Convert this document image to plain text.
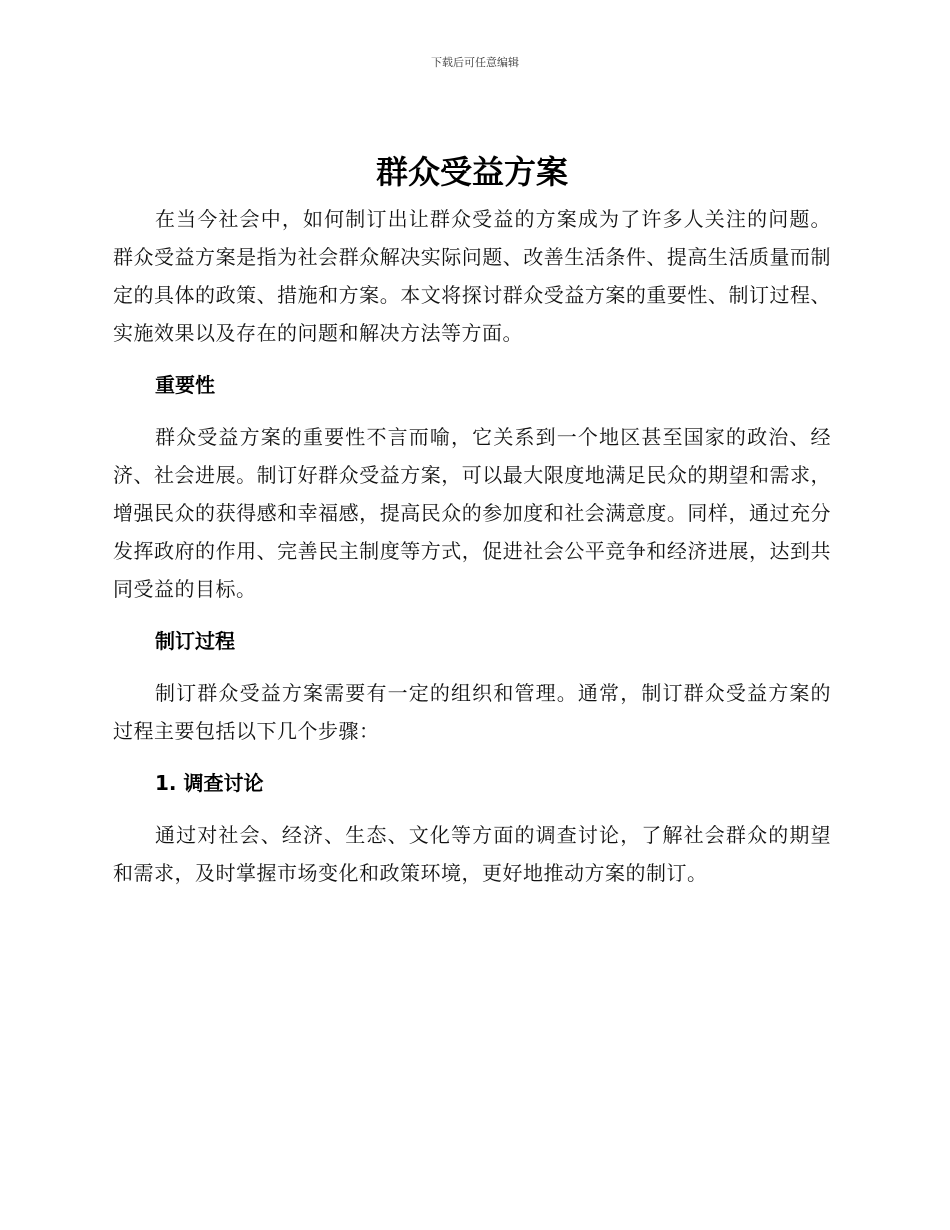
下载后可任意编辑
群众受益方案

在当今社会中，如何制订出让群众受益的方案成为了许多人关注的问题。群众受益方案是指为社会群众解决实际问题、改善生活条件、提高生活质量而制定的具体的政策、措施和方案。本文将探讨群众受益方案的重要性、制订过程、实施效果以及存在的问题和解决方法等方面。

重要性

群众受益方案的重要性不言而喻，它关系到一个地区甚至国家的政治、经济、社会进展。制订好群众受益方案，可以最大限度地满足民众的期望和需求，增强民众的获得感和幸福感，提高民众的参加度和社会满意度。同样，通过充分发挥政府的作用、完善民主制度等方式，促进社会公平竞争和经济进展，达到共同受益的目标。

制订过程

制订群众受益方案需要有一定的组织和管理。通常，制订群众受益方案的过程主要包括以下几个步骤：

1. 调查讨论

通过对社会、经济、生态、文化等方面的调查讨论，了解社会群众的期望和需求，及时掌握市场变化和政策环境，更好地推动方案的制订。
